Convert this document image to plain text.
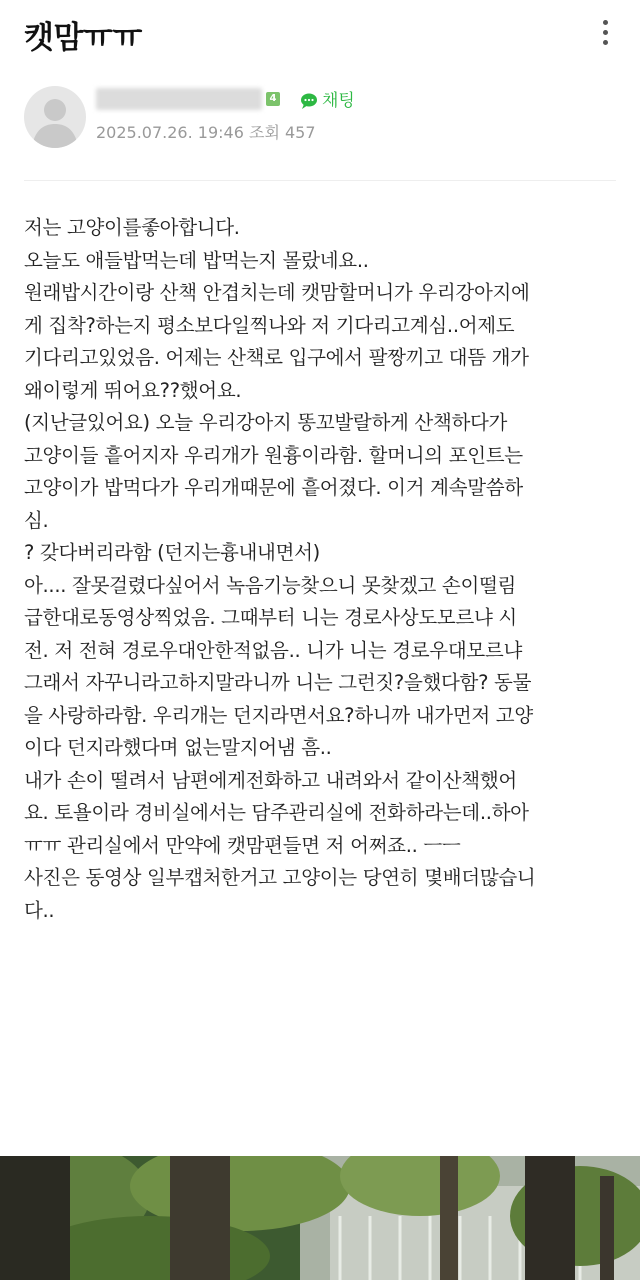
캣맘ㅠㅠ
4	채팅
2025.07.26. 19:46 조회 457
저는 고양이를좋아합니다.
오늘도 애들밥먹는데 밥먹는지 몰랐네요..
원래밥시간이랑 산책 안겹치는데 캣맘할머니가 우리강아지에
게 집착?하는지 평소보다일찍나와 저 기다리고계심..어제도
기다리고있었음. 어제는 산책로 입구에서 팔짱끼고 대뜸 개가
왜이렇게 뛰어요??했어요.
(지난글있어요) 오늘 우리강아지 똥꼬발랄하게 산책하다가
고양이들 흩어지자 우리개가 원흉이라함. 할머니의 포인트는
고양이가 밥먹다가 우리개때문에 흩어졌다. 이거 계속말씀하
심.
? 갖다버리라함 (던지는흉내내면서)
아.... 잘못걸렸다싶어서 녹음기능찾으니 못찾겠고 손이떨림
급한대로동영상찍었음. 그때부터 니는 경로사상도모르냐 시
전. 저 전혀 경로우대안한적없음.. 니가 니는 경로우대모르냐
그래서 자꾸니라고하지말라니까 니는 그런짓?을했다함? 동물
을 사랑하라함. 우리개는 던지라면서요?하니까 내가먼저 고양
이다 던지라했다며 없는말지어냄 흠..
내가 손이 떨려서 남편에게전화하고 내려와서 같이산책했어
요. 토욜이라 경비실에서는 담주관리실에 전화하라는데..하아
ㅠㅠ 관리실에서 만약에 캣맘편들면 저 어쩌죠.. ㅡㅡ
사진은 동영상 일부캡처한거고 고양이는 당연히 몇배더많습니
다..
